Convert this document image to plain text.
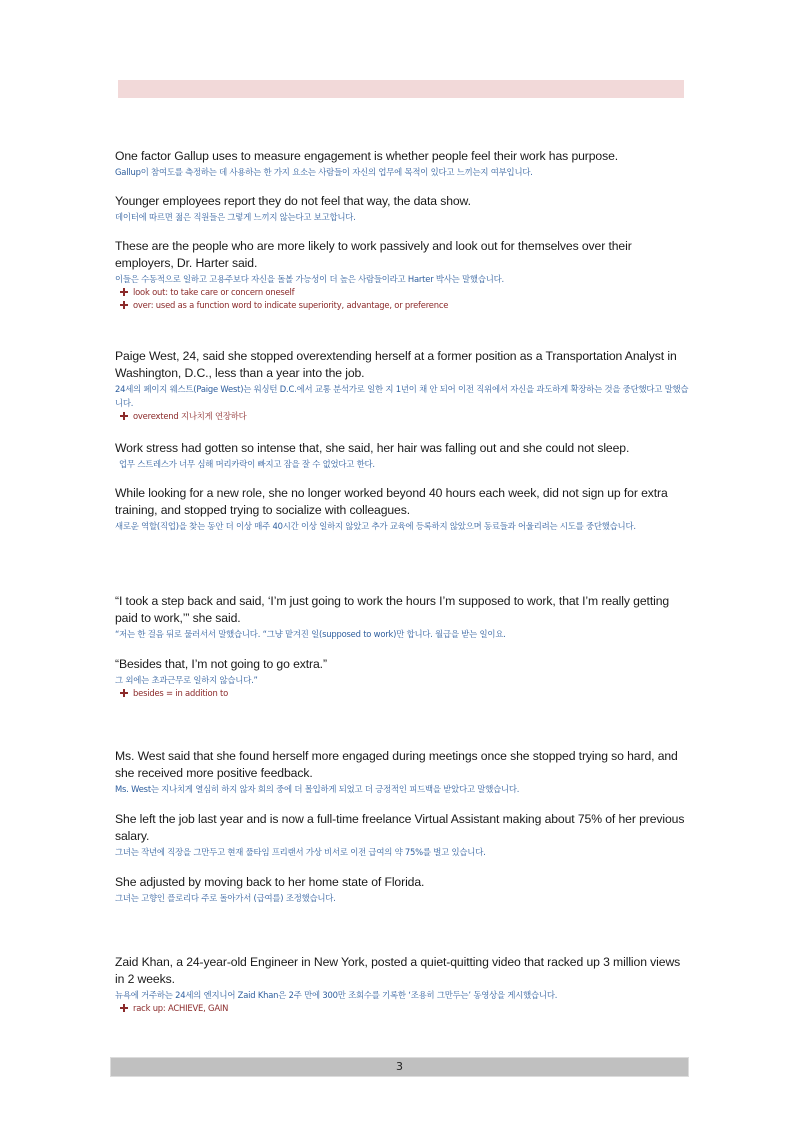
One factor Gallup uses to measure engagement is whether people feel their work has purpose.

Gallup이 참여도를 측정하는 데 사용하는 한 가지 요소는 사람들이 자신의 업무에 목적이 있다고 느끼는지 여부입니다.

Younger employees report they do not feel that way, the data show.

데이터에 따르면 젊은 직원들은 그렇게 느끼지 않는다고 보고합니다.

These are the people who are more likely to work passively and look out for themselves over their employers, Dr. Harter said.

이들은 수동적으로 일하고 고용주보다 자신을 돌볼 가능성이 더 높은 사람들이라고 Harter 박사는 말했습니다.

look out: to take care or concern oneself

over: used as a function word to indicate superiority, advantage, or preference

Paige West, 24, said she stopped overextending herself at a former position as a Transportation Analyst in Washington, D.C., less than a year into the job.

24세의 페이지 웨스트(Paige West)는 워싱턴 D.C.에서 교통 분석가로 일한 지 1년이 채 안 되어 이전 직위에서 자신을 과도하게 확장하는 것을 중단했다고 말했습니다.

overextend 지나치게 연장하다

Work stress had gotten so intense that, she said, her hair was falling out and she could not sleep.

업무 스트레스가 너무 심해 머리카락이 빠지고 잠을 잘 수 없었다고 한다.

While looking for a new role, she no longer worked beyond 40 hours each week, did not sign up for extra training, and stopped trying to socialize with colleagues.

새로운 역할(직업)을 찾는 동안 더 이상 매주 40시간 이상 일하지 않았고 추가 교육에 등록하지 않았으며 동료들과 어울리려는 시도를 중단했습니다.

“I took a step back and said, ‘I’m just going to work the hours I’m supposed to work, that I’m really getting paid to work,’” she said.

“저는 한 걸음 뒤로 물러서서 말했습니다. “그냥 맡겨진 일(supposed to work)만 합니다. 월급을 받는 일이요.

“Besides that, I’m not going to go extra.”

그 외에는 초과근무로 일하지 않습니다.”

besides = in addition to

Ms. West said that she found herself more engaged during meetings once she stopped trying so hard, and she received more positive feedback.

Ms. West는 지나치게 열심히 하지 않자 회의 중에 더 몰입하게 되었고 더 긍정적인 피드백을 받았다고 말했습니다.

She left the job last year and is now a full-time freelance Virtual Assistant making about 75% of her previous salary.

그녀는 작년에 직장을 그만두고 현재 풀타임 프리랜서 가상 비서로 이전 급여의 약 75%를 벌고 있습니다.

She adjusted by moving back to her home state of Florida.

그녀는 고향인 플로리다 주로 돌아가서 (급여를) 조정했습니다.

Zaid Khan, a 24-year-old Engineer in New York, posted a quiet-quitting video that racked up 3 million views in 2 weeks.

뉴욕에 거주하는 24세의 엔지니어 Zaid Khan은 2주 만에 300만 조회수를 기록한 ‘조용히 그만두는’ 동영상을 게시했습니다.

rack up: ACHIEVE, GAIN

3
